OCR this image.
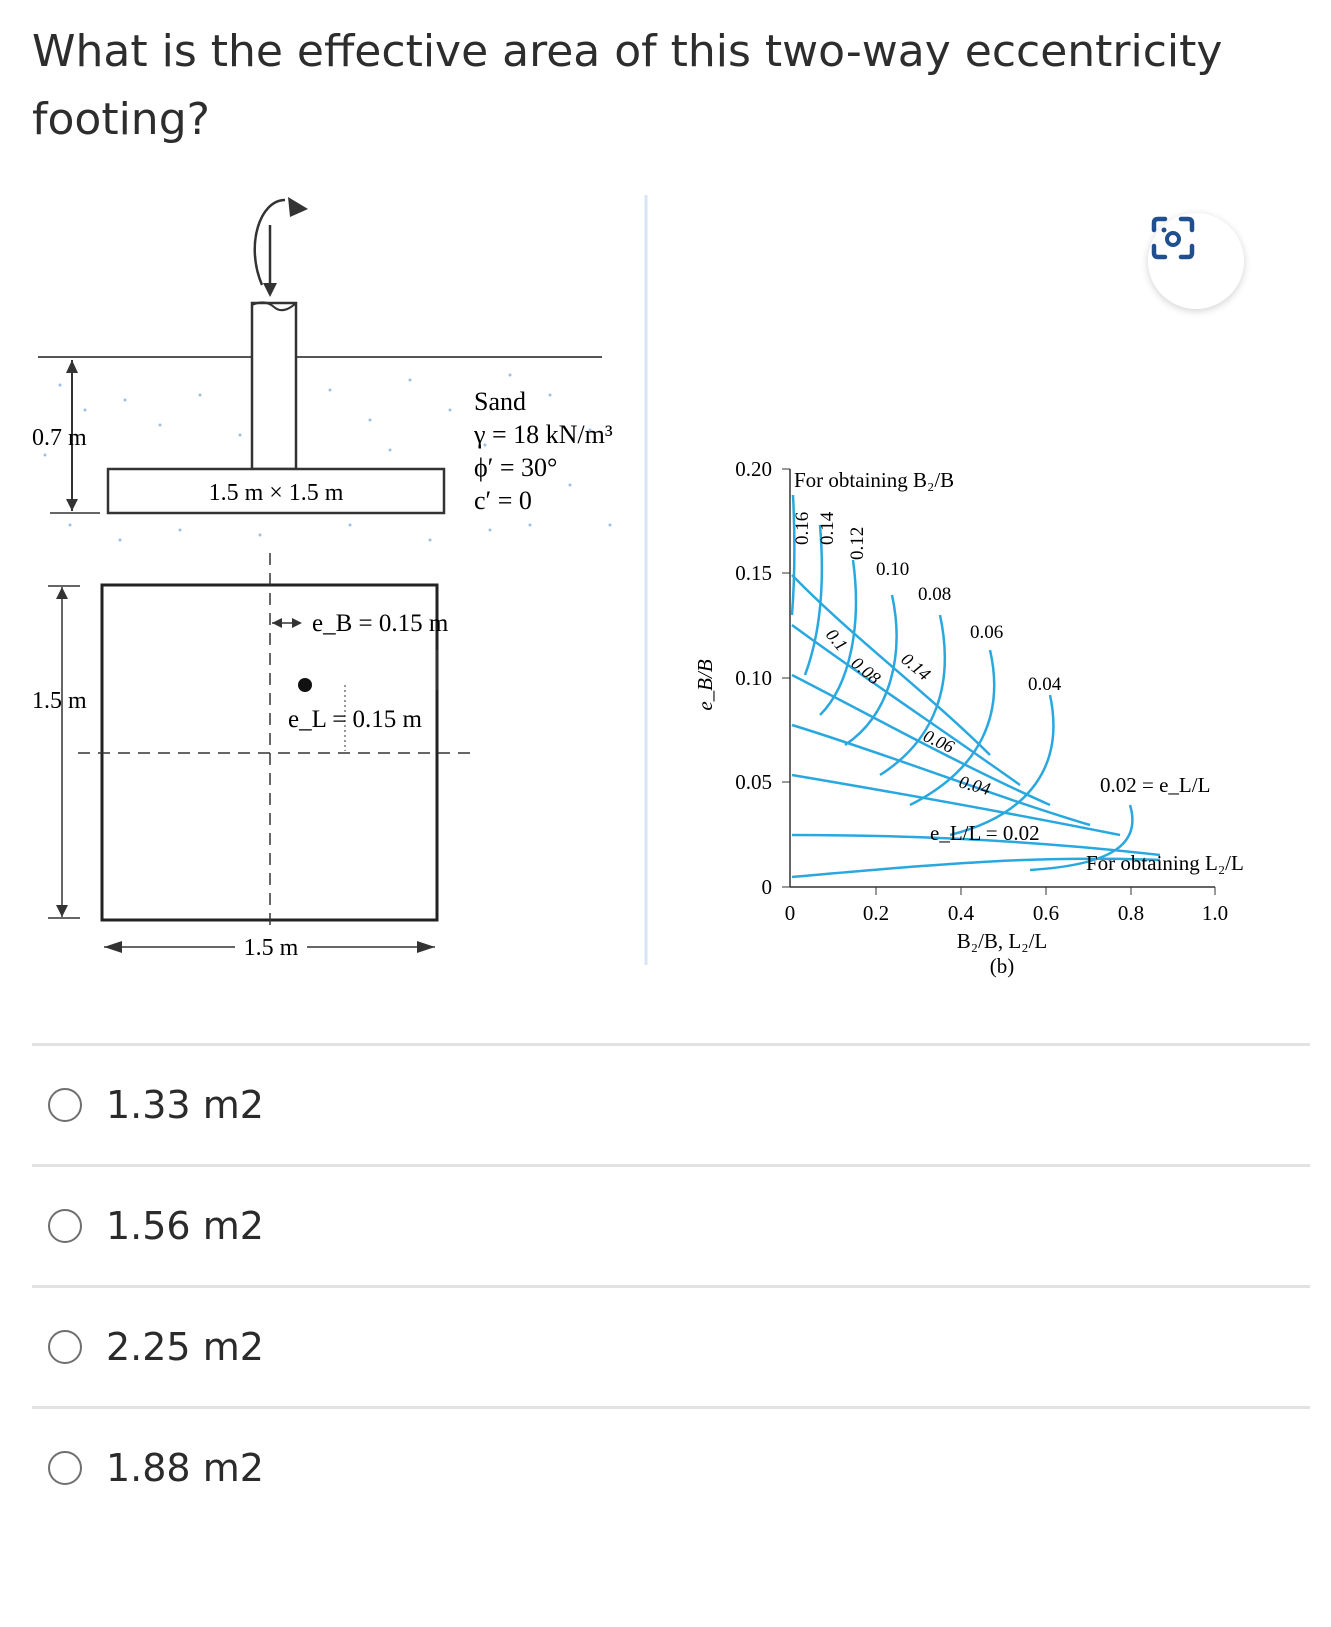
What is the effective area of this two-way eccentricity footing?
1.5 m × 1.5 m
0.7 m
Sand
γ = 18 kN/m³
ϕ′ = 30°
c′ = 0
e_B = 0.15 m
e_L = 0.15 m
1.5 m
1.5 m
0.20
0.15
0.10
0.05
0
e_B/B
0	0.2	0.4	0.6	0.8	1.0
B₂/B, L₂/L
(b)
For obtaining B₂/B
For obtaining L₂/L
e_L/L = 0.02
0.02 = e_L/L
0.16 0.14 0.12
0.10
0.08
0.06
0.04
0.1
0.08 0.14
0.06
0.04
1.33 m2
1.56 m2
2.25 m2
1.88 m2
